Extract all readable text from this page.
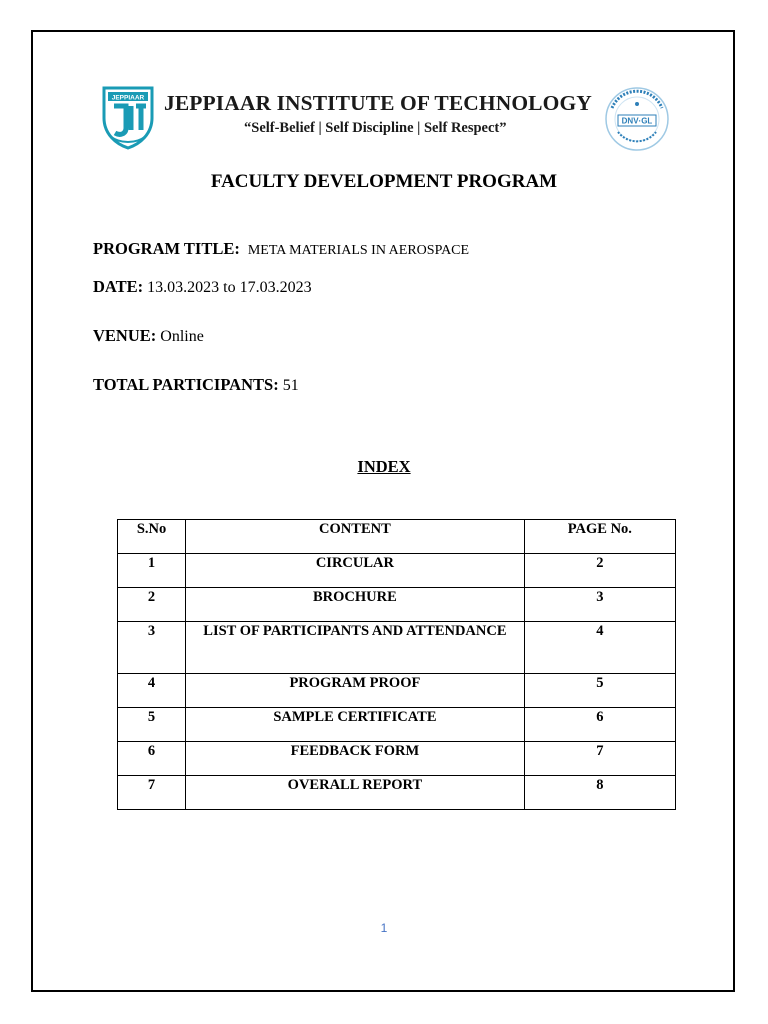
JEPPIAAR JEPPIAAR INSTITUTE OF TECHNOLOGY
“Self-Belief | Self Discipline | Self Respect”	DNV·GL
FACULTY DEVELOPMENT PROGRAM
PROGRAM TITLE: META MATERIALS IN AEROSPACE
DATE: 13.03.2023 to 17.03.2023
VENUE: Online
TOTAL PARTICIPANTS: 51
INDEX
S.No	CONTENT	PAGE No.
1	CIRCULAR	2
2	BROCHURE	3
3	LIST OF PARTICIPANTS AND ATTENDANCE	4
4	PROGRAM PROOF	5
5	SAMPLE CERTIFICATE	6
6	FEEDBACK FORM	7
7	OVERALL REPORT	8
1
